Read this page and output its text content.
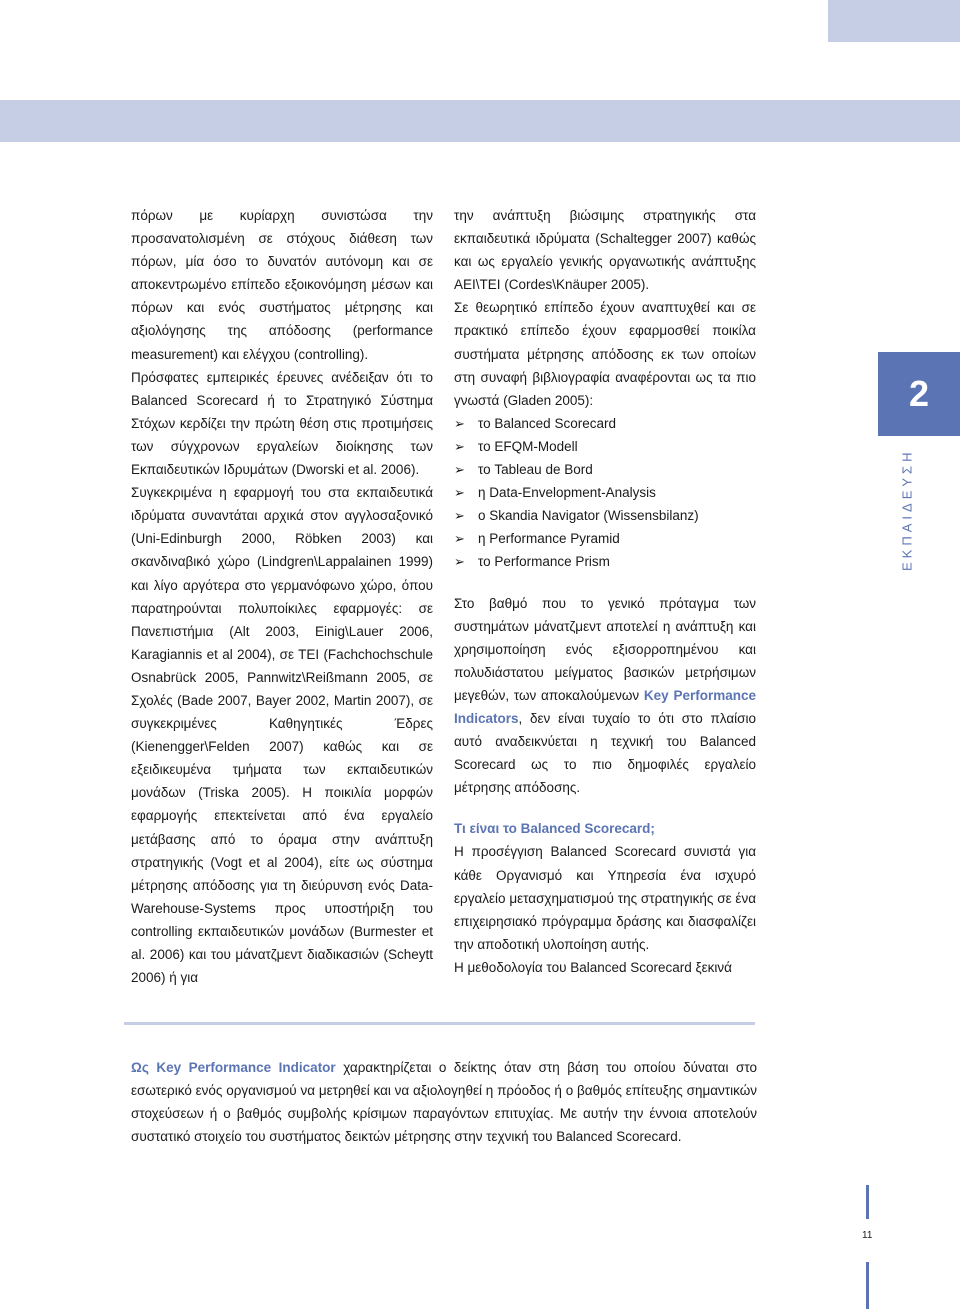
2
ΕΚΠΑΙΔΕΥΣΗ

πόρων με κυρίαρχη συνιστώσα την προσανατολισμένη σε στόχους διάθεση των πόρων, μία όσο το δυνατόν αυτόνομη και σε αποκεντρωμένο επίπεδο εξοικονόμηση μέσων και πόρων και ενός συστήματος μέτρησης και αξιολόγησης της απόδοσης (performance measurement) και ελέγχου (controlling).

Πρόσφατες εμπειρικές έρευνες ανέδειξαν ότι το Balanced Scorecard ή το Στρατηγικό Σύστημα Στόχων κερδίζει την πρώτη θέση στις προτιμήσεις των σύγχρονων εργαλείων διοίκησης των Εκπαιδευτικών Ιδρυμάτων (Dworski et al. 2006).

Συγκεκριμένα η εφαρμογή του στα εκπαιδευτικά ιδρύματα συναντάται αρχικά στον αγγλοσαξονικό (Uni-Edinburgh 2000, Röbken 2003) και σκανδιναβικό χώρο (Lindgren\Lappalainen 1999) και λίγο αργότερα στο γερμανόφωνο χώρο, όπου παρατηρούνται πολυποίκιλες εφαρμογές: σε Πανεπιστήμια (Alt 2003, Einig\Lauer 2006, Karagiannis et al 2004), σε ΤΕΙ (Fachchochschule Osnabrück 2005, Pannwitz\Reißmann 2005, σε Σχολές (Bade 2007, Bayer 2002, Martin 2007), σε συγκεκριμένες Καθηγητικές Έδρες (Kienengger\Felden 2007) καθώς και σε εξειδικευμένα τμήματα των εκπαιδευτικών μονάδων (Triska 2005). Η ποικιλία μορφών εφαρμογής επεκτείνεται από ένα εργαλείο μετάβασης από το όραμα στην ανάπτυξη στρατηγικής (Vogt et al 2004), είτε ως σύστημα μέτρησης απόδοσης για τη διεύρυνση ενός Data-Warehouse-Systems προς υποστήριξη του controlling εκπαιδευτικών μονάδων (Burmester et al. 2006) και του μάνατζμεντ διαδικασιών (Scheytt 2006) ή για

την ανάπτυξη βιώσιμης στρατηγικής στα εκπαιδευτικά ιδρύματα (Schaltegger 2007) καθώς και ως εργαλείο γενικής οργανωτικής ανάπτυξης ΑΕΙ\ΤΕΙ (Cordes\Knäuper 2005).

Σε θεωρητικό επίπεδο έχουν αναπτυχθεί και σε πρακτικό επίπεδο έχουν εφαρμοσθεί ποικίλα συστήματα μέτρησης απόδοσης εκ των οποίων στη συναφή βιβλιογραφία αναφέρονται ως τα πιο γνωστά (Gladen 2005):

➢ το Balanced Scorecard
➢ το EFQM-Modell
➢ το Tableau de Bord
➢ η Data-Envelopment-Analysis
➢ ο Skandia Navigator (Wissensbilanz)
➢ η Performance Pyramid
➢ το Performance Prism

Στο βαθμό που το γενικό πρόταγμα των συστημάτων μάνατζμεντ αποτελεί η ανάπτυξη και χρησιμοποίηση ενός εξισορροπημένου και πολυδιάστατου μείγματος βασικών μετρήσιμων μεγεθών, των αποκαλούμενων Key Performance Indicators, δεν είναι τυχαίο το ότι στο πλαίσιο αυτό αναδεικνύεται η τεχνική του Balanced Scorecard ως το πιο δημοφιλές εργαλείο μέτρησης απόδοσης.

Τι είναι το Balanced Scorecard;

Η προσέγγιση Balanced Scorecard συνιστά για κάθε Οργανισμό και Υπηρεσία ένα ισχυρό εργαλείο μετασχηματισμού της στρατηγικής σε ένα επιχειρησιακό πρόγραμμα δράσης και διασφαλίζει την αποδοτική υλοποίηση αυτής.

Η μεθοδολογία του Balanced Scorecard ξεκινά

Ως Key Performance Indicator χαρακτηρίζεται ο δείκτης όταν στη βάση του οποίου δύναται στο εσωτερικό ενός οργανισμού να μετρηθεί και να αξιολογηθεί η πρόοδος ή ο βαθμός επίτευξης σημαντικών στοχεύσεων ή ο βαθμός συμβολής κρίσιμων παραγόντων επιτυχίας. Με αυτήν την έννοια αποτελούν συστατικό στοιχείο του συστήματος δεικτών μέτρησης στην τεχνική του Balanced Scorecard.

11
